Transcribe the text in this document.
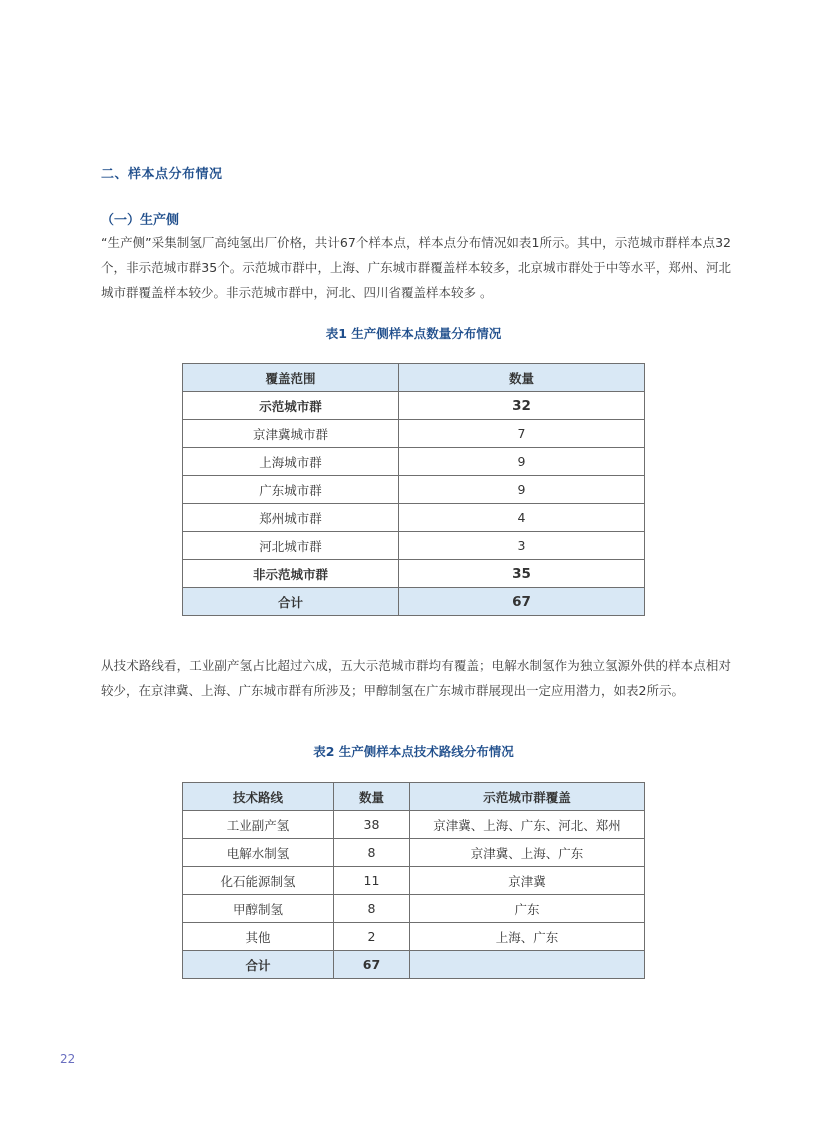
二、样本点分布情况
（一）生产侧
“生产侧”采集制氢厂高纯氢出厂价格，共计67个样本点，样本点分布情况如表1所示。其中，示范城市群样本点32个，非示范城市群35个。示范城市群中，上海、广东城市群覆盖样本较多，北京城市群处于中等水平，郑州、河北城市群覆盖样本较少。非示范城市群中，河北、四川省覆盖样本较多 。
表1 生产侧样本点数量分布情况
覆盖范围	数量
示范城市群	32
京津冀城市群	7
上海城市群	9
广东城市群	9
郑州城市群	4
河北城市群	3
非示范城市群	35
合计	67
从技术路线看，工业副产氢占比超过六成，五大示范城市群均有覆盖；电解水制氢作为独立氢源外供的样本点相对较少，在京津冀、上海、广东城市群有所涉及；甲醇制氢在广东城市群展现出一定应用潜力，如表2所示。
表2 生产侧样本点技术路线分布情况
技术路线	数量	示范城市群覆盖
工业副产氢	38	京津冀、上海、广东、河北、郑州
电解水制氢	8	京津冀、上海、广东
化石能源制氢	11	京津冀
甲醇制氢	8	广东
其他	2	上海、广东
合计	67	
22
